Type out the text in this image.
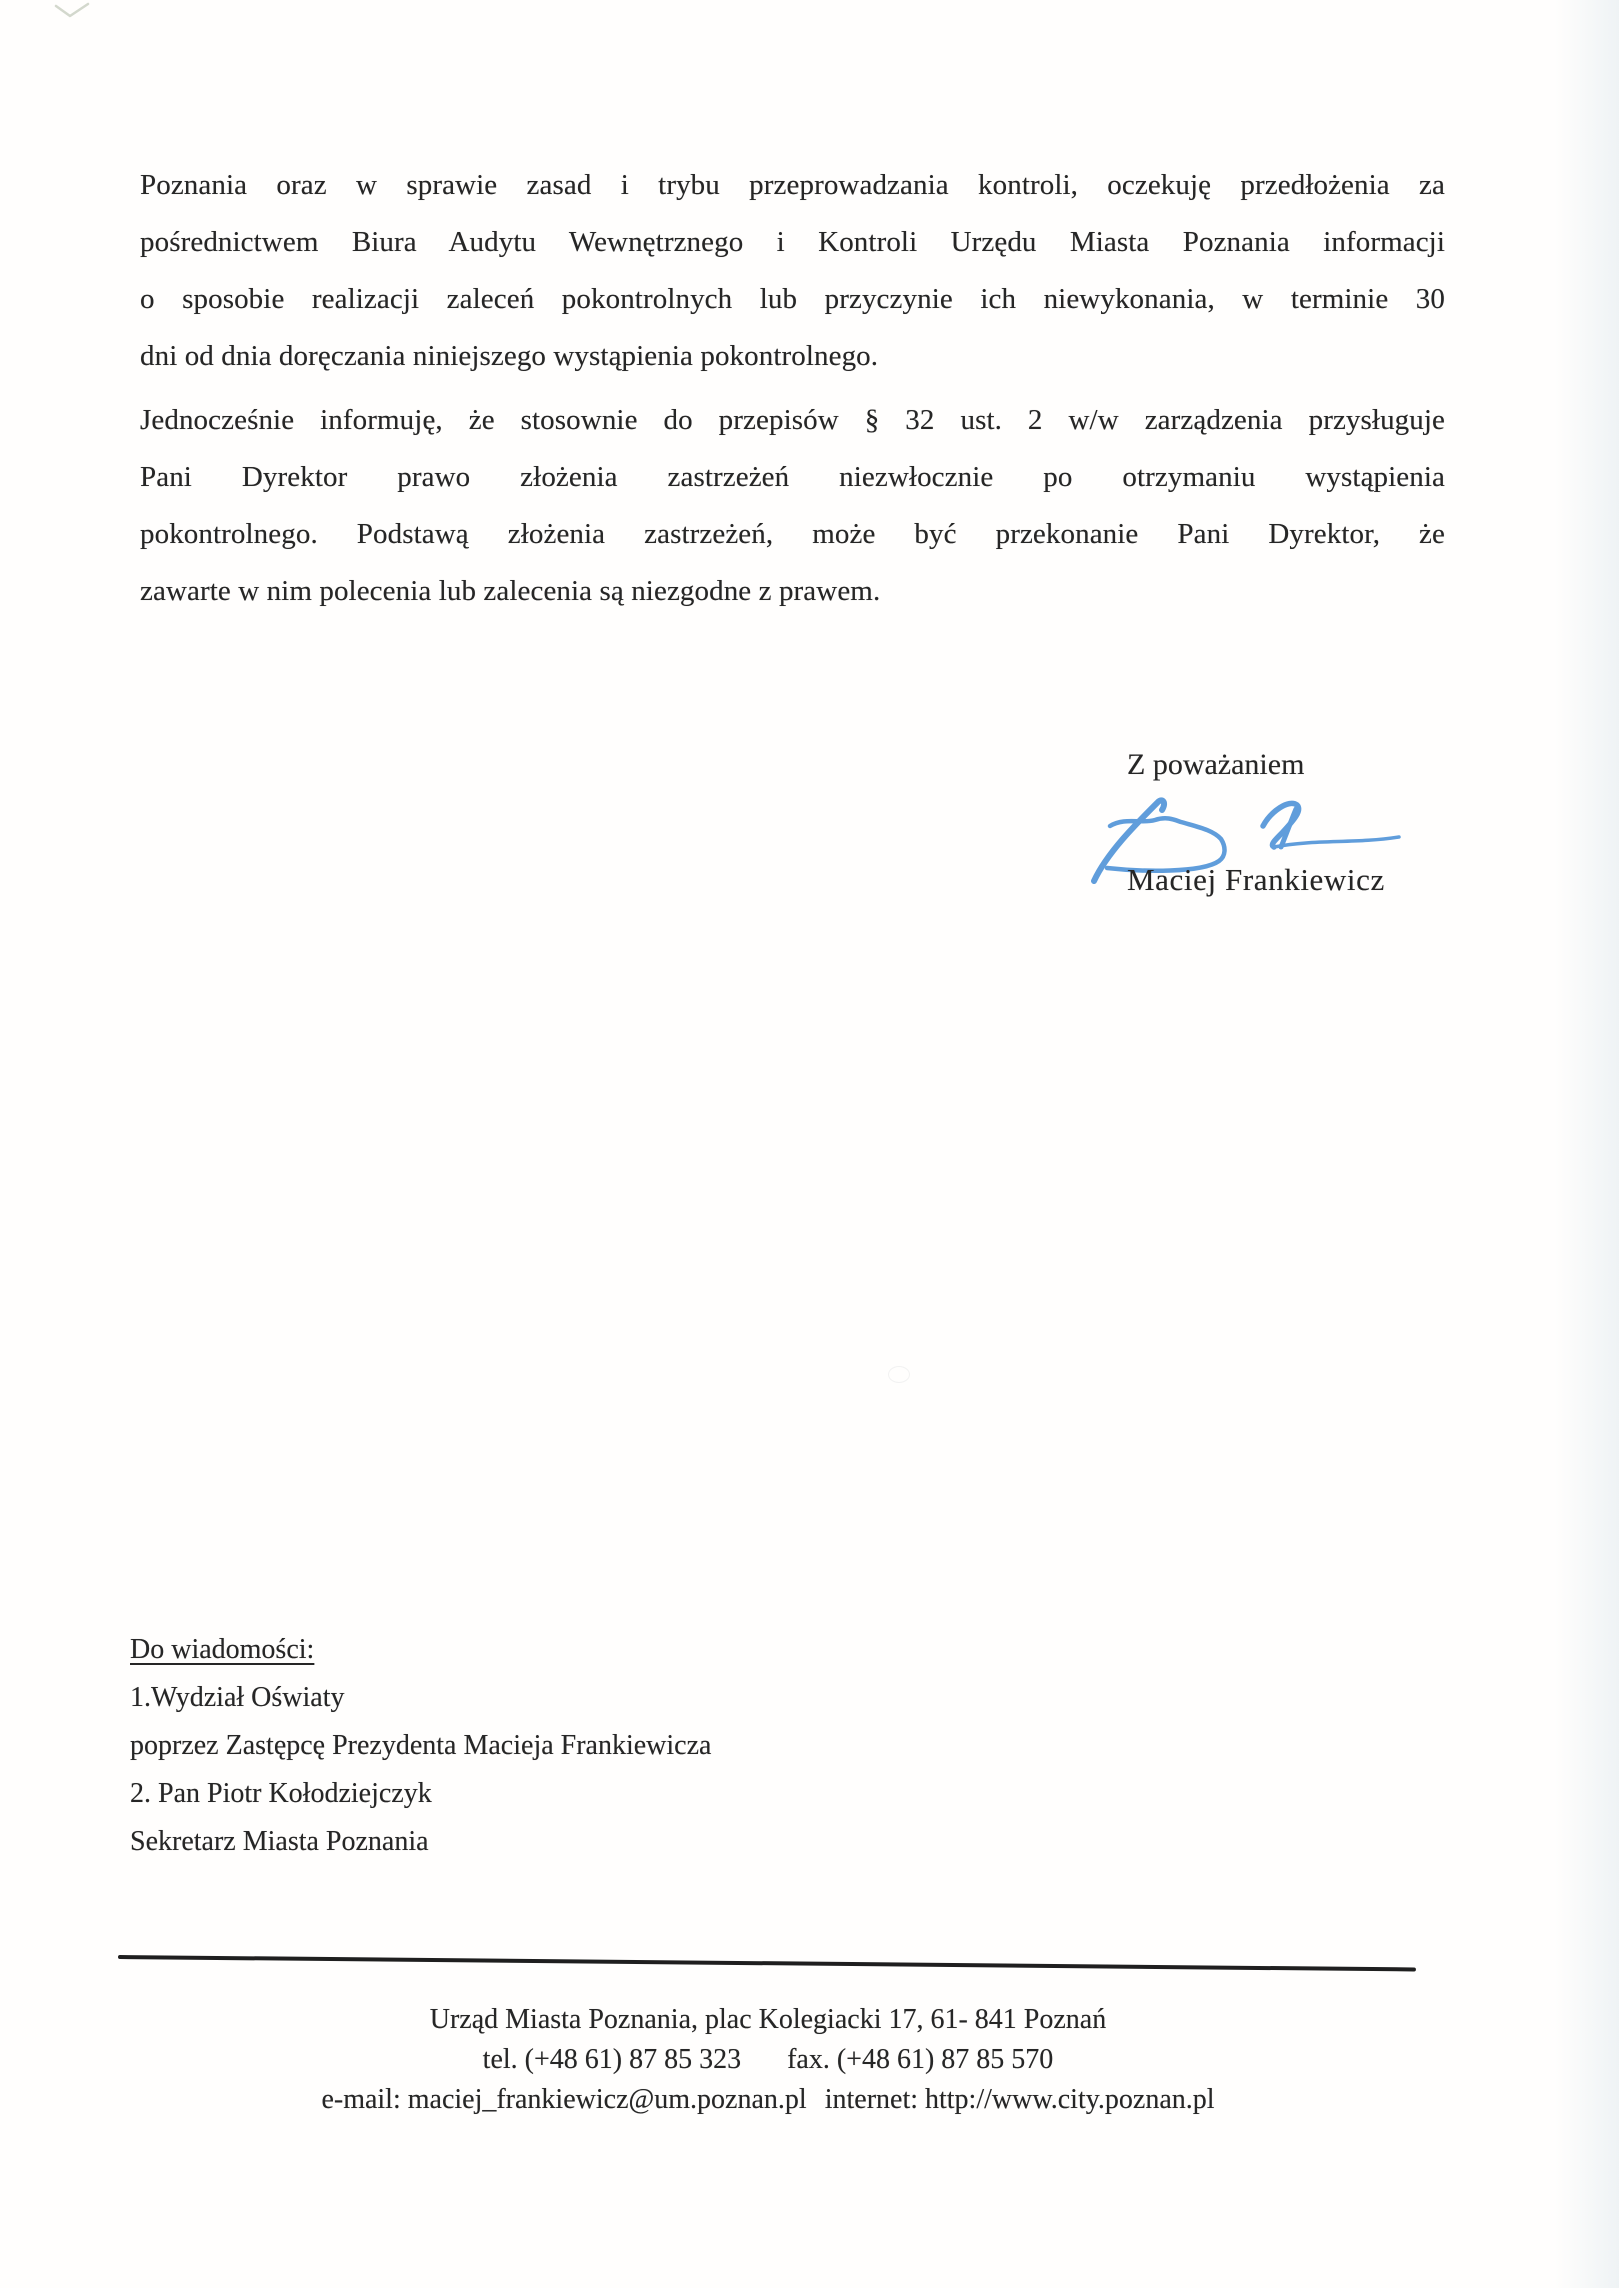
Poznania oraz w sprawie zasad i trybu przeprowadzania kontroli, oczekuję przedłożenia za
pośrednictwem Biura Audytu Wewnętrznego i Kontroli Urzędu Miasta Poznania informacji
o sposobie realizacji zaleceń pokontrolnych lub przyczynie ich niewykonania, w terminie 30
dni od dnia doręczania niniejszego wystąpienia pokontrolnego.
Jednocześnie informuję, że stosownie do przepisów § 32 ust. 2 w/w zarządzenia przysługuje
Pani Dyrektor prawo złożenia zastrzeżeń niezwłocznie po otrzymaniu wystąpienia
pokontrolnego. Podstawą złożenia zastrzeżeń, może być przekonanie Pani Dyrektor, że
zawarte w nim polecenia lub zalecenia są niezgodne z prawem.
Z poważaniem
Maciej Frankiewicz
Do wiadomości:
1.Wydział Oświaty
poprzez Zastępcę Prezydenta Macieja Frankiewicza
2. Pan Piotr Kołodziejczyk
Sekretarz Miasta Poznania
Urząd Miasta Poznania, plac Kolegiacki 17, 61- 841 Poznań
tel. (+48 61) 87 85 323 fax. (+48 61) 87 85 570
e-mail: maciej_frankiewicz@um.poznan.pl internet: http://www.city.poznan.pl
